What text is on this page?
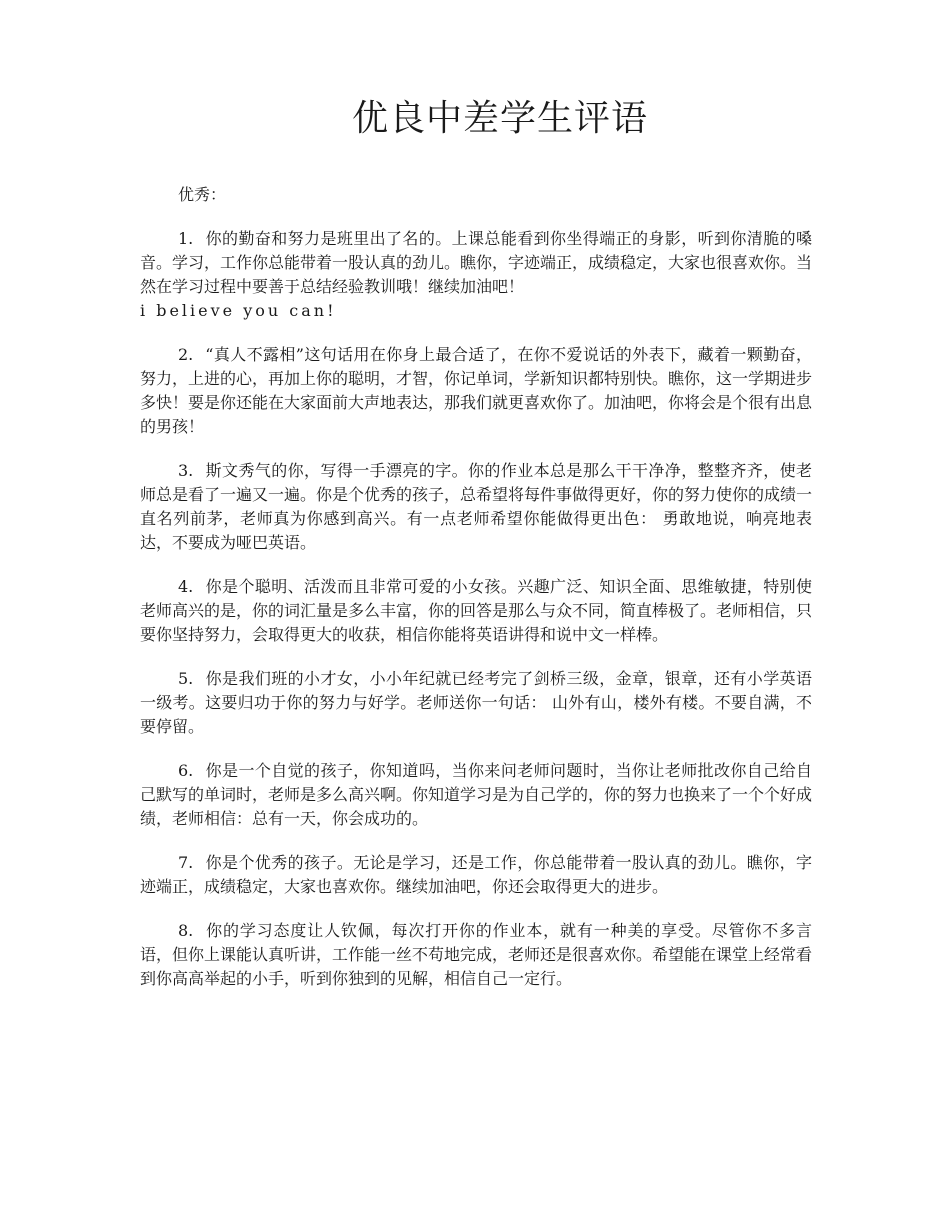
优良中差学生评语

优秀：

1. 你的勤奋和努力是班里出了名的。上课总能看到你坐得端正的身影，听到你清脆的嗓音。学习，工作你总能带着一股认真的劲儿。瞧你，字迹端正，成绩稳定，大家也很喜欢你。当然在学习过程中要善于总结经验教训哦！继续加油吧！
i believe you can!

2. “真人不露相”这句话用在你身上最合适了，在你不爱说话的外表下，藏着一颗勤奋，努力，上进的心，再加上你的聪明，才智，你记单词，学新知识都特别快。瞧你，这一学期进步多快！要是你还能在大家面前大声地表达，那我们就更喜欢你了。加油吧，你将会是个很有出息的男孩！

3. 斯文秀气的你，写得一手漂亮的字。你的作业本总是那么干干净净，整整齐齐，使老师总是看了一遍又一遍。你是个优秀的孩子，总希望将每件事做得更好，你的努力使你的成绩一直名列前茅，老师真为你感到高兴。有一点老师希望你能做得更出色： 勇敢地说，响亮地表达，不要成为哑巴英语。

4. 你是个聪明、活泼而且非常可爱的小女孩。兴趣广泛、知识全面、思维敏捷，特别使老师高兴的是，你的词汇量是多么丰富，你的回答是那么与众不同，简直棒极了。老师相信，只要你坚持努力，会取得更大的收获，相信你能将英语讲得和说中文一样棒。

5. 你是我们班的小才女，小小年纪就已经考完了剑桥三级，金章，银章，还有小学英语一级考。这要归功于你的努力与好学。老师送你一句话： 山外有山，楼外有楼。不要自满，不要停留。

6. 你是一个自觉的孩子，你知道吗，当你来问老师问题时，当你让老师批改你自己给自己默写的单词时，老师是多么高兴啊。你知道学习是为自己学的，你的努力也换来了一个个好成绩，老师相信：总有一天，你会成功的。

7. 你是个优秀的孩子。无论是学习，还是工作，你总能带着一股认真的劲儿。瞧你，字迹端正，成绩稳定，大家也喜欢你。继续加油吧，你还会取得更大的进步。

8. 你的学习态度让人钦佩，每次打开你的作业本，就有一种美的享受。尽管你不多言语，但你上课能认真听讲，工作能一丝不苟地完成，老师还是很喜欢你。希望能在课堂上经常看到你高高举起的小手，听到你独到的见解，相信自己一定行。
